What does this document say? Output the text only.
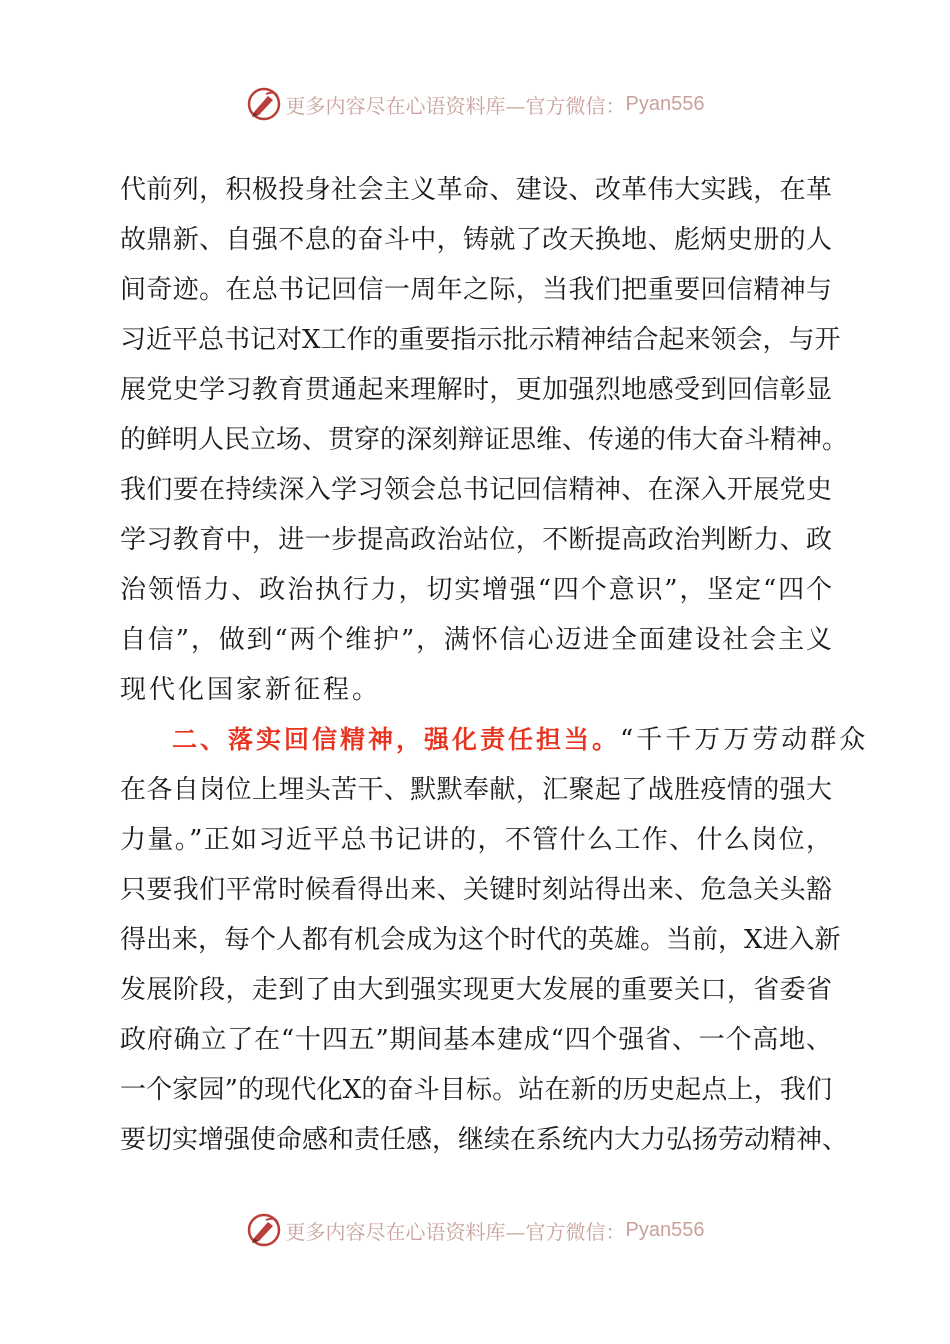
更多内容尽在心语资料库—官方微信： Pyan556
代前列，积极投身社会主义革命、建设、改革伟大实践，在革
故鼎新、自强不息的奋斗中，铸就了改天换地、彪炳史册的人
间奇迹。在总书记回信一周年之际，当我们把重要回信精神与
习近平总书记对X工作的重要指示批示精神结合起来领会，与开
展党史学习教育贯通起来理解时，更加强烈地感受到回信彰显
的鲜明人民立场、贯穿的深刻辩证思维、传递的伟大奋斗精神。
我们要在持续深入学习领会总书记回信精神、在深入开展党史
学习教育中，进一步提高政治站位，不断提高政治判断力、政
治领悟力、政治执行力，切实增强“四个意识”，坚定“四个
自信”，做到“两个维护”，满怀信心迈进全面建设社会主义
现代化国家新征程。
二、落实回信精神，强化责任担当。“千千万万劳动群众
在各自岗位上埋头苦干、默默奉献，汇聚起了战胜疫情的强大
力量。”正如习近平总书记讲的，不管什么工作、什么岗位，
只要我们平常时候看得出来、关键时刻站得出来、危急关头豁
得出来，每个人都有机会成为这个时代的英雄。当前，X进入新
发展阶段，走到了由大到强实现更大发展的重要关口，省委省
政府确立了在“十四五”期间基本建成“四个强省、一个高地、
一个家园”的现代化X的奋斗目标。站在新的历史起点上，我们
要切实增强使命感和责任感，继续在系统内大力弘扬劳动精神、
更多内容尽在心语资料库—官方微信： Pyan556
